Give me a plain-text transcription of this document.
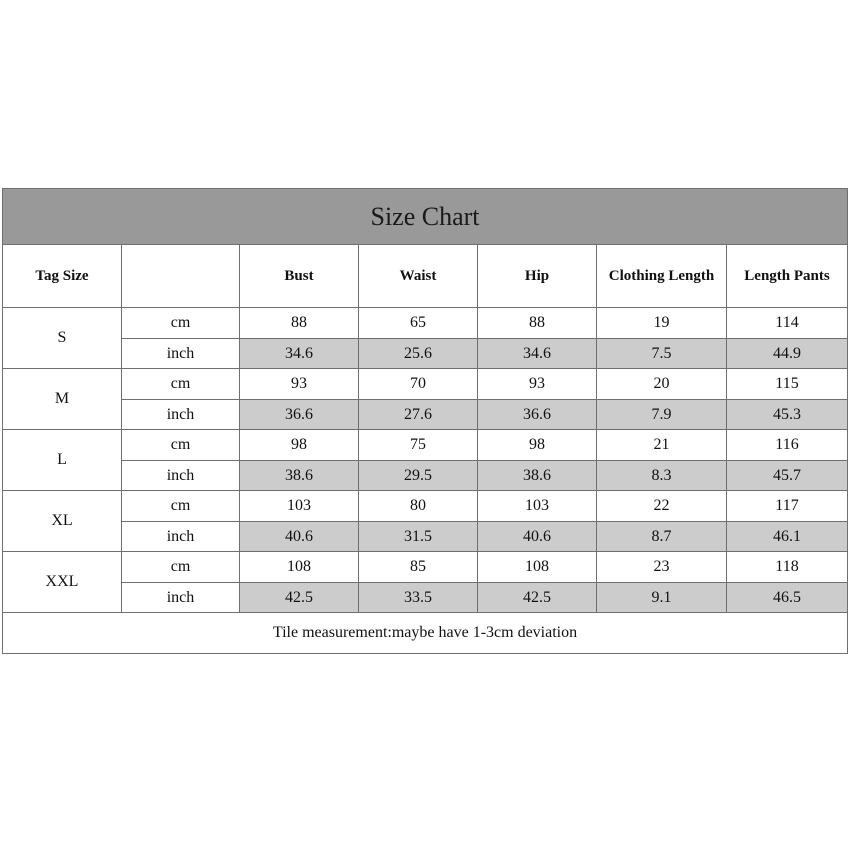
Size Chart						
Tag Size		Bust	Waist	Hip	Clothing Length	Length Pants
S	cm	88	65	88	19	114
	inch	34.6	25.6	34.6	7.5	44.9
M	cm	93	70	93	20	115
	inch	36.6	27.6	36.6	7.9	45.3
L	cm	98	75	98	21	116
	inch	38.6	29.5	38.6	8.3	45.7
XL	cm	103	80	103	22	117
	inch	40.6	31.5	40.6	8.7	46.1
XXL	cm	108	85	108	23	118
	inch	42.5	33.5	42.5	9.1	46.5
Tile measurement:maybe have 1-3cm deviation						
